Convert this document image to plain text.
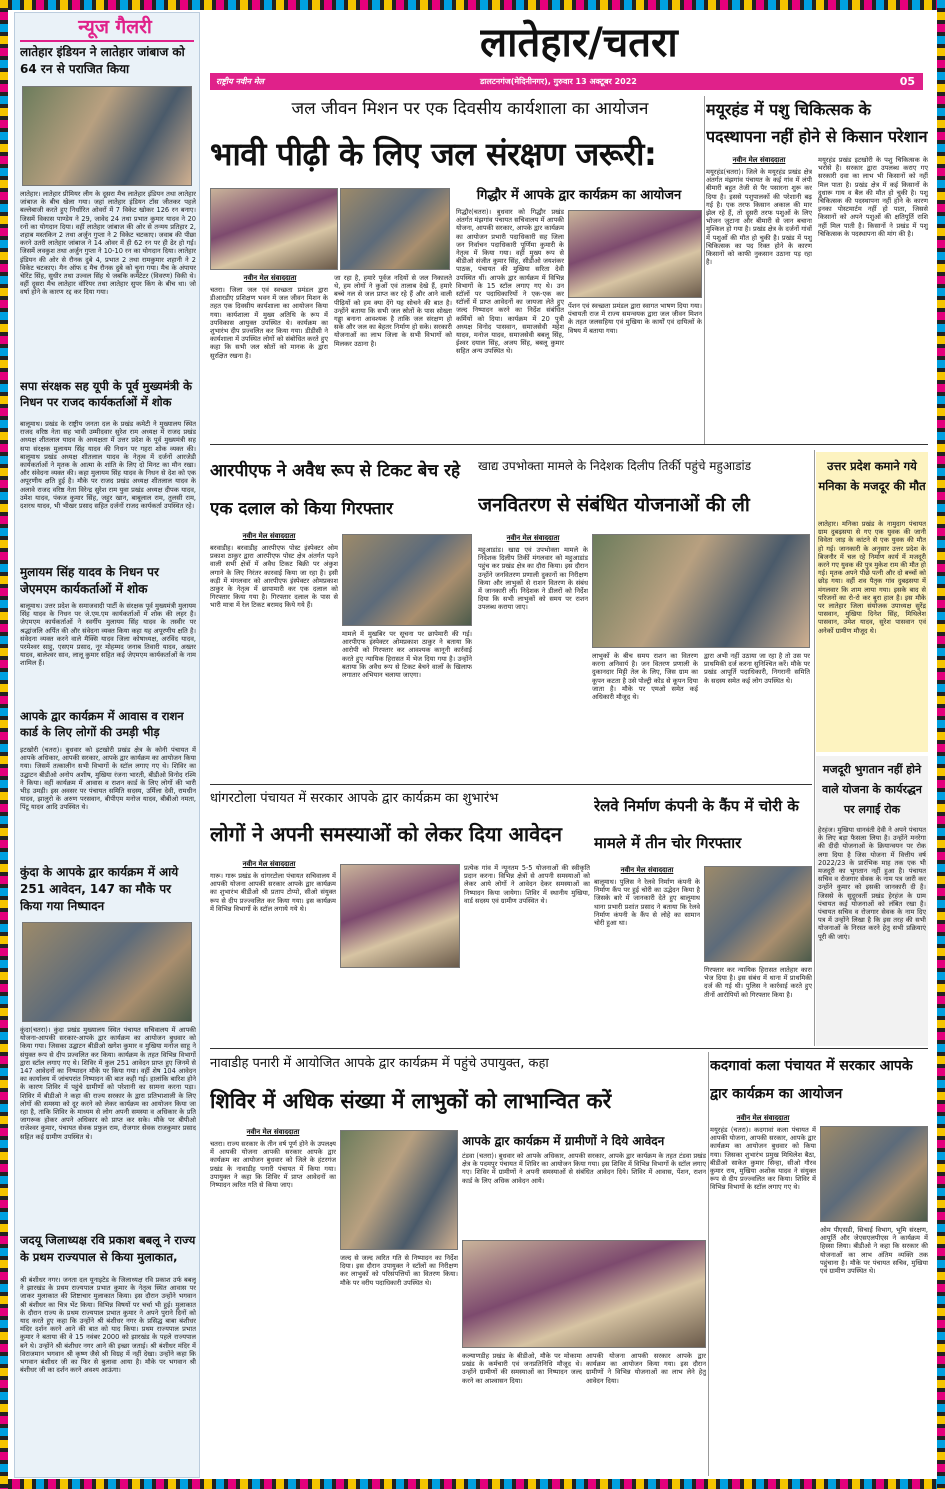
लातेहार/चतरा
राष्ट्रीय नवीन मेल	डालटनगंज(मेदिनीनगर), गुरुवार 13 अक्टूबर 2022	05
न्यूज गैलरी
लातेहार इंडियन ने लातेहार जांबाज को 64 रन से पराजित किया
लातेहार। लातेहार प्रीमियर लीग के दूसरा मैच लातेहार इंडियन तथा लातेहार जांबाज के बीच खेला गया। जहां लातेहार इंडियन टॉस जीतकर पहले बल्लेबाजी करते हुए निर्धारित ओवरों में 7 विकेट खोकर 126 रन बनाए। जिसमें विकास पाण्डेय ने 29, जावेद 24 तथा प्रभात कुमार यादव ने 20 रनों का योगदान दिया। वहीं लातेहार जांबाज की ओर से तन्मय प्रतिहार 2, शहाब मस्तकिन 2 तथा अर्जुन गुप्ता ने 2 विकेट चटकाए। जवाब की पीछा करने उतरी लातेहार जांबाज ने 14 ओवर में ही 62 रन पर ही ढेर हो गई। जिसमें लवकुश तथा अर्जुन गुप्ता ने 10-10 रन का योगदान दिया। लातेहार इंडियन की ओर से रौनक दुबे 4, प्रभात 2 तथा रामकुमार शहानी ने 2 विकेट चटकाए। मैन ऑफ द मैच रौनक दुबे को चुना गया। मैच के अंपायर चेरिंट सिंह, सुधीर तथा उज्वल सिंह थे जबकि कमेंटेटर (विवरण) विकी थे। वहीं दूसरा मैच लातेहार वॉरियर तथा लातेहार सुपर किंग के बीच था। जो वर्षा होने के कारण रद्द कर दिया गया।
सपा संरक्षक सह यूपी के पूर्व मुख्यमंत्री के निधन पर राजद कार्यकर्ताओं में शोक
बालूमाथ। प्रखंड के राष्ट्रीय जनता दल के प्रखंड कमेटी ने मुख्यालय स्थित राजद वरिष्ठ नेता सह भावी उम्मीदवार सुरेश राम अध्यक्ष में राजद प्रखंड अध्यक्ष शीतलाल यादव के अध्यक्षता में उत्तर प्रदेश के पूर्व मुख्यमंत्री सह सपा संरक्षक मुलायम सिंह यादव की निधन पर गहरा शोक व्यक्त की। बालूमाथ प्रखंड अध्यक्ष शीतलाल यादव के नेतृत्व में दर्जनों आरजेडी कार्यकर्ताओं ने मृतक के आत्मा के शांति के लिए दो मिनट का मौन रखा। और संवेदना व्यक्त की। कहा मुलायम सिंह यादव के निधन से देश को एक अपूरणीय क्षति हुई है। मौके पर राजद प्रखंड अध्यक्ष शीतलाल यादव के अलावे राजद वरिष्ठ नेता विरेन्द्र सुरेश राम युवा प्रखंड अध्यक्ष दीपक यादव, उमेश यादव, पंकज कुमार सिंह, जहुर खान, बाबूलाल राम, तुलसी राम, दशरथ यादव, भी भीखर प्रसाद सहित दर्जनों राजद कार्यकर्ता उपस्थित रहे।
मुलायम सिंह यादव के निधन पर जेएमएम कार्यकर्ताओं में शोक
बालूमाथ। उत्तर प्रदेश के समाजवादी पार्टी के संरक्षक पूर्व मुख्यमंत्री मुलायम सिंह यादव के निधन पर जे.एम.एम कार्यकर्ताओं में शोक की लहर है। जेएमएम कार्यकर्ताओं ने स्वर्गीय मुलायम सिंह यादव के तस्वीर पर श्रद्धांजलि अर्पित की और संवेदना व्यक्त किया कहा यह अपूरणीय क्षति है। संवेदना व्यक्त करने वाले मैक्सि यादव जिला कोषाध्यक्ष, अरविंद यादव, परमेश्वर साहु, एसएम प्रसाद, नूर मोहम्मद जनाब तिवारी यादव, अख्तर यादव, बालेश्वर साव, लालू कुमार सहित कई जेएमएम कार्यकर्ताओं के नाम शामिल हैं।
आपके द्वार कार्यक्रम में आवास व राशन कार्ड के लिए लोगों की उमड़ी भीड़
इटखोरी (चतरा)। बुधवार को इटखोरी प्रखंड क्षेत्र के कोनी पंचायत में आपके अधिकार, आपकी सरकार, आपके द्वार कार्यक्रम का आयोजन किया गया। जिसमें तत्कालीन सभी विभागों के स्टॉल लगाए गए थे। शिविर का उद्घाटन बीडीओ अनोप अशीष, मुखिया रंजना भारती, बीडीओ विनोद रश्मि ने किया। वहीं कार्यक्रम में आवास व राशन कार्ड के लिए लोगों की भारी भीड़ उमड़ी। इस अवसर पर पंचायत समिति सदस्य, उर्मिला देवी, रामधीन यादव, झालुरो के अरुण परसवान, बीपीएम मनोज यादव, बीबीओ नमता, पिंटू यादव आदि उपस्थित थे।
कुंदा के आपके द्वार कार्यक्रम में आये 251 आवेदन, 147 का मौके पर किया गया निष्पादन
कुंदा(चतरा)। कुंदा प्रखंड मुख्यालय स्थित पंचायत सचिवालय में आपकी योजना-आपकी सरकार-आपके द्वार कार्यक्रम का आयोजन बुधवार को किया गया। जिसका उद्घाटन बीडीओ खगेश कुमार व मुखिया मनोज साहू ने संयुक्त रूप से दीप प्रज्वलित कर किया। कार्यक्रम के तहत विभिन्न विभागों द्वारा स्टॉल लगाए गए थे। शिविर में कुल 251 आवेदन प्राप्त हुए जिनमें से 147 आवेदनों का निष्पादन मौके पर किया गया। वहीं शेष 104 आवेदन का कार्यालय में जांचपरांत निष्पादन की बात कही गई। हालांकि बारिश होने के कारण शिविर में पहुंचे ग्रामीणों को परेशानी का सामना करना पड़ा। शिविर में बीडीओ ने कहा की राज्य सरकार के द्वारा प्रतिभाशाली के लिए लोगों की समस्या को दूर करने को लेकर कार्यक्रम का आयोजन किया जा रहा है, ताकि शिविर के माध्यम से लोग अपनी समस्या व अधिकार के प्रति जागरूक होकर अपने अधिकार को प्राप्त कर सके। मौके पर बीपीओ राजेश्वर कुमार, पंचायत सेवक प्रफुल राम, रोजगार सेवक राजकुमार प्रसाद सहित कई ग्रामीण उपस्थित थे।
जदयू जिलाध्यक्ष रवि प्रकाश बबलू ने राज्य के प्रथम राज्यपाल से किया मुलाकात,
श्री बंशीधर नगर। जनता दल यूनाइटेड के जिलाध्यक्ष रवि प्रकाश उर्फ बबलू ने झारखंड के प्रथम राज्यपाल प्रभात कुमार के नेतृत्व स्थित आवास पर जाकर मुलाकात की शिष्टाचार मुलाकात किया। इस दौरान उन्होंने भगवान श्री बंशीधर का चित्र भेंट किया। विभिन्न विषयों पर चर्चा भी हुई। मुलाकात के दौरान राज्य के प्रथम राज्यपाल प्रभात कुमार ने अपने पुराने दिनों को याद करते हुए कहा कि उन्होंने श्री बंशीधर नगर के प्रसिद्ध बाबा बंशीधर मंदिर दर्शन करने आने की बात को याद किया। प्रथम राज्यपाल प्रभात कुमार ने बताया की वे 15 नवंबर 2000 को झारखंड के पहले राज्यपाल बने थे। उन्होंने श्री बंशीधर नगर आने की इच्छा जताई। श्री बंशीधर मंदिर में विराजमान भगवान श्री कृष्ण जैसे श्री विग्रह में नहीं देखा। उन्होंने कहा कि भगवान बंशीधर जी का फिर से बुलावा आया है। मौके पर भगवान श्री बंशीधर जी का दर्शन करने अवश्य आऊंगा।
जल जीवन मिशन पर एक दिवसीय कार्यशाला का आयोजन
भावी पीढ़ी के लिए जल संरक्षण जरूरी:
नवीन मेल संवाददाता
चतरा। जिला जल एवं स्वच्छता प्रमंडल द्वारा डीआरडीए प्रशिक्षण भवन में जल जीवन मिशन के तहत एक दिवसीय कार्यशाला का आयोजन किया गया। कार्यशाला में मुख्य अतिथि के रूप में उपविकास आयुक्त उपस्थित थे। कार्यक्रम का शुभारंभ दीप प्रज्वलित कर किया गया। डीडीसी ने कार्यशाला में उपस्थित लोगों को संबोधित करते हुए कहा कि सभी जल स्रोतों को मानक के द्वारा सुरक्षित रखना है।
जा रहा है, हमारे पूर्वज नदियों से जल निकालते थे, हम लोगों ने कुओं एवं तालाब देखे हैं, हमारे बच्चे नल से जल प्राप्त कर रहे हैं और आने वाली पीढ़ियों को हम क्या देंगे यह सोचने की बात है। उन्होंने बताया कि सभी जल स्रोतों के पास सोख्ता गड्ढा बनाना आवश्यक है ताकि जल संरक्षण हो सके और जल का बेहतर निर्माण हो सके। सरकारी योजनाओं का लाभ जिला के सभी विभागों को मिलकर उठाना है।
गिद्धौर में आपके द्वार कार्यक्रम का आयोजन
गिद्धौर(चतरा)। बुधवार को गिद्धौर प्रखंड अंतर्गत मंझगांव पंचायत सचिवालय में आपकी योजना, आपकी सरकार, आपके द्वार कार्यक्रम का आयोजन प्रभारी पदाधिकारी सह जिला जन निर्वाचन पदाधिकारी पूर्णिमा कुमारी के नेतृत्व में किया गया। वहीं मुख्य रूप से बीडीओ संजीत कुमार सिंह, सीडीओ जयशंकर पाठक, पंचायत की मुखिया सरिता देवी उपस्थित थीं। आपके द्वार कार्यक्रम में विभिन्न विभागों के 15 स्टॉल लगाए गए थे। उन स्टॉलों पर पदाधिकारियों ने एक-एक कर स्टॉलों में प्राप्त आवेदनों का जायजा लेते हुए जल्द निष्पादन करने का निर्देश संबंधित कर्मियों को दिया। कार्यक्रम में 20 पुत्री अध्यक्ष विनोद पासवान, समाजसेवी महेश यादव, मनोज यादव, समाजसेवी बबलू सिंह, ईश्वर दयाल सिंह, अजय सिंह, बबलू कुमार सहित अन्य उपस्थित थे।
पेंशन एवं स्वच्छता प्रमंडल द्वारा स्वागत भाषण दिया गया। पंचायती राज में राज्य समन्वयक द्वारा जल जीवन मिशन के तहत जलसहिया एवं मुखिया के कार्यों एवं दायित्वों के विषय में बताया गया।
मयूरहंड में पशु चिकित्सक के पदस्थापना नहीं होने से किसान परेशान
नवीन मेल संवाददाता
मयूरहंड(चतरा)। जिले के मयूरहंड प्रखंड क्षेत्र अंतर्गत मंझगांव पंचायत के कई गांव में लंपी बीमारी बहुत तेजी से पैर पसारना शुरू कर दिया है। इससे पशुपालकों की परेशानी बढ़ गई है। एक तरफ किसान अकाल की मार झेल रहे हैं, तो दूसरी तरफ पशुओं के लिए भोजन जुटाना और बीमारी से जान बचाना मुश्किल हो गया है। प्रखंड क्षेत्र के दर्जनों गांवों में पशुओं की मौत हो चुकी है। प्रखंड में पशु चिकित्सक का पद रिक्त होने के कारण किसानों को काफी नुकसान उठाना पड़ रहा है।
मयूरहंड प्रखंड इटखोरी के पशु चिकित्सक के भरोसे है। सरकार द्वारा उपलब्ध कराए गए सरकारी दवा का लाभ भी किसानों को नहीं मिल पाता है। प्रखंड क्षेत्र में कई किसानों के दुधारू गाय व बैल की मौत हो चुकी है। पशु चिकित्सक की पदस्थापना नहीं होने के कारण इनका पोस्टमार्टम नहीं हो पाता, जिससे किसानों को अपने पशुओं की क्षतिपूर्ति राशि नहीं मिल पाती है। किसानों ने प्रखंड में पशु चिकित्सक के पदस्थापना की मांग की है।
उत्तर प्रदेश कमाने गये मनिका के मजदूर की मौत
लातेहार। मनिका प्रखंड के नामुदाग पंचायत ग्राम दुबढ़सया से गए एक युवक की जानी विवेता जाड़ के कांटने से एक युवक की मौत हो गई। जानकारी के अनुसार उत्तर प्रदेश के बिजनौर में चल रहे निर्माण कार्य में मजदूरी करने गए युवक की पुत्र मुकेश राम की मौत हो गई। मृतक अपने पीछे पत्नी और दो बच्चों को छोड़ गया। वहीं शव पैतृक गांव दुबढ़सया में मंगलवार कि शाम लाया गया। इसके बाद से परिजनों का रो-रो कर बुरा हाल है। इस मौके पर लातेहार जिला संयोजक उपाध्यक्ष सुरेंद्र पासवान, मुखिया दिनेश सिंह, मिथिलेश पासवान, उमेश यादव, सुरेश पासवान एवं अनेकों ग्रामीण मौजूद थे।
मजदूरी भुगतान नहीं होने वाले योजना के कार्यरद्धन पर लगाई रोक
हेरहंज। मुखिया धानवंती देवी ने अपने पंचायत के लिए बड़ा फैसला लिया है। उन्होंने मनरेगा की दीदी योजनाओं के क्रियान्वयन पर रोक लगा दिया है जिस योजना में वित्तीय वर्ष 2022/23 के प्रारंभिक माह तक एक भी मजदूरी का भुगतान नहीं हुआ है। पंचायत सचिव व रोजगार सेवक के नाम पत्र जारी कर उन्होंने कुमार को इसकी जानकारी दी है। जिससे के सूदूरवर्ती प्रखंड हेरहंज के ग्राम पंचायत कई योजनाओं को लंबित रखा है। पंचायत सचिव व रोजगार सेवक के नाम दिए पत्र में उन्होंने लिखा है कि इस तरह की सभी योजनाओं के निरस्त करने हेतु सभी प्रक्रियाएं पूरी की जाएं।
आरपीएफ ने अवैध रूप से टिकट बेच रहे एक दलाल को किया गिरफ्तार
नवीन मेल संवाददाता
बरवाडीह। बरवाडीह आरपीएफ पोस्ट इंस्पेक्टर ओम प्रकाश ठाकुर द्वारा आरपीएफ पोस्ट क्षेत्र अंतर्गत पड़ने वाली सभी क्षेत्रों में अवैध टिकट बिक्री पर अंकुश लगाने के लिए निरंतर कारवाई किया जा रहा है। इसी कड़ी में मंगलवार को आरपीएफ इंस्पेक्टर ओमप्रकाश ठाकुर के नेतृत्व में छापामारी कर एक दलाल को गिरफ्तार किया गया है। गिरफ्तार दलाल के पास से भारी मात्रा में रेल टिकट बरामद किये गये हैं।
मामले में मुखबिर पर सूचना पर छापेमारी की गई। आरपीएफ इंस्पेक्टर ओमप्रकाश ठाकुर ने बताया कि आरोपी को गिरफ्तार कर आवश्यक कानूनी कार्रवाई करते हुए न्यायिक हिरासत में भेज दिया गया है। उन्होंने बताया कि अवैध रूप से टिकट बेचने वालों के खिलाफ लगातार अभियान चलाया जाएगा।
खाद्य उपभोक्ता मामले के निदेशक दिलीप तिर्की पहुंचे महुआडांड
जनवितरण से संबंधित योजनाओं की ली
नवीन मेल संवाददाता
महुआडांड। खाद्य एवं उपभोक्ता मामले के निदेशक दिलीप तिर्की मंगलवार को महुआडांड पहुंच कर प्रखंड क्षेत्र का दौरा किया। इस दौरान उन्होंने जनवितरण प्रणाली दुकानों का निरीक्षण किया और लाभुकों से राशन वितरण के संबंध में जानकारी ली। निदेशक ने डीलरों को निर्देश दिया कि सभी लाभुकों को समय पर राशन उपलब्ध कराया जाए।
लाभुकों के बीच समय राशन का वितरण करना अनिवार्य है। जन वितरण प्रणाली के दुकानदार मिट्टी तेल के लिए, जिस ग्राम का कूपन कटता है उसे पोल्ट्री कोड से कूपन दिया जाता है। मौके पर एमओ समेत कई अधिकारी मौजूद थे।
द्वारा अभी नहीं उठाया जा रहा है तो उस पर प्राथमिकी दर्ज करना सुनिश्चित करें। मौके पर प्रखंड आपूर्ति पदाधिकारी, निगरानी समिति के सदस्य समेत कई लोग उपस्थित थे।
धांगरटोला पंचायत में सरकार आपके द्वार कार्यक्रम का शुभारंभ
लोगों ने अपनी समस्याओं को लेकर दिया आवेदन
नवीन मेल संवाददाता
गारू। गारू प्रखंड के धांगरटोला पंचायत सचिवालय में आपकी योजना आपकी सरकार आपके द्वार कार्यक्रम का शुभारंभ बीडीओ श्री प्रताप टोप्पो, सीओ संयुक्त रूप से दीप प्रज्ज्वलित कर किया गया। इस कार्यक्रम में विभिन्न विभागों के स्टॉल लगाये गये थे।
प्रत्येक गांव में न्यूनतम 5-5 योजनाओं की स्वीकृति प्रदान करना। विभिन्न क्षेत्रों से आपनी समस्याओं को लेकर आये लोगों ने आवेदन देकर समस्याओं का निष्पादन किया जायेगा। शिविर में स्थानीय मुखिया, वार्ड सदस्य एवं ग्रामीण उपस्थित थे।
रेलवे निर्माण कंपनी के कैंप में चोरी के मामले में तीन चोर गिरफ्तार
नवीन मेल संवाददाता
बालूमाथ। पुलिस ने रेलवे निर्माण कंपनी के निर्माण कैंप पर हुई चोरी का उद्भेदन किया है जिसके बारे में जानकारी देते हुए बालूमाथ थाना प्रभारी प्रशांत प्रसाद ने बताया कि रेलवे निर्माण कंपनी के कैंप से लोहे का सामान चोरी हुआ था।
गिरफ्तार कर न्यायिक हिरासत लातेहार कारा भेज दिया है। इस संबंध में थाना में प्राथमिकी दर्ज की गई थी। पुलिस ने कार्रवाई करते हुए तीनों आरोपियों को गिरफ्तार किया है।
नावाडीह पनारी में आयोजित आपके द्वार कार्यक्रम में पहुंचे उपायुक्त, कहा
शिविर में अधिक संख्या में लाभुकों को लाभान्वित करें
नवीन मेल संवाददाता
चतरा। राज्य सरकार के तीन वर्ष पूर्ण होने के उपलक्ष्य में आपकी योजना आपकी सरकार आपके द्वार कार्यक्रम का आयोजन बुधवार को जिले के हंटरगंज प्रखंड के नावाडीह पनारी पंचायत में किया गया। उपायुक्त ने कहा कि शिविर में प्राप्त आवेदनों का निष्पादन त्वरित गति से किया जाए।
जल्द से जल्द त्वरित गति से निष्पादन का निर्देश दिया। इस दौरान उपायुक्त ने स्टॉलों का निरीक्षण कर लाभुकों को परिसंपत्तियों का वितरण किया। मौके पर वरीय पदाधिकारी उपस्थित थे।
आपके द्वार कार्यक्रम में ग्रामीणों ने दिये आवेदन
टंडवा (चतरा)। बुधवार को आपके अधिकार, आपकी सरकार, आपके द्वार कार्यक्रम के तहत टंडवा प्रखंड क्षेत्र के पदमपुर पंचायत में शिविर का आयोजन किया गया। इस शिविर में विभिन्न विभागों के स्टॉल लगाए गए। शिविर में ग्रामीणों ने अपनी समस्याओं से संबंधित आवेदन दिये। शिविर में आवास, पेंशन, राशन कार्ड के लिए अधिक आवेदन आये।
कल्याणडीह प्रखंड के बीडीओ, मौके पर मोकामा प्रखंड के कर्मचारी एवं जनप्रतिनिधि मौजूद थे। उन्होंने ग्रामीणों की समस्याओं का निष्पादन जल्द करने का आश्वासन दिया।
आपकी योजना आपकी सरकार आपके द्वार कार्यक्रम का आयोजन किया गया। इस दौरान ग्रामीणों ने विभिन्न योजनाओं का लाभ लेने हेतु आवेदन दिया।
कदगावां कला पंचायत में सरकार आपके द्वार कार्यक्रम का आयोजन
नवीन मेल संवाददाता
मयूरहंड (चतरा)। कदगावां कला पंचायत में आपकी योजना, आपकी सरकार, आपके द्वार कार्यक्रम का आयोजन बुधवार को किया गया। जिसका शुभारंभ प्रमुख मिथिलेश बैठा, बीडीओ साकेत कुमार सिन्हा, सीओ गौरव कुमार राय, मुखिया अशोक यादव ने संयुक्त रूप से दीप प्रज्ज्वलित कर किया। शिविर में विभिन्न विभागों के स्टॉल लगाए गए थे।
ओम पीएसडी, सिचाई विभाग, भूमि संरक्षण, आपूर्ति और जेएसएलपीएस ने कार्यक्रम में हिस्सा लिया। बीडीओ ने कहा कि सरकार की योजनाओं का लाभ अंतिम व्यक्ति तक पहुंचाना है। मौके पर पंचायत सचिव, मुखिया एवं ग्रामीण उपस्थित थे।
